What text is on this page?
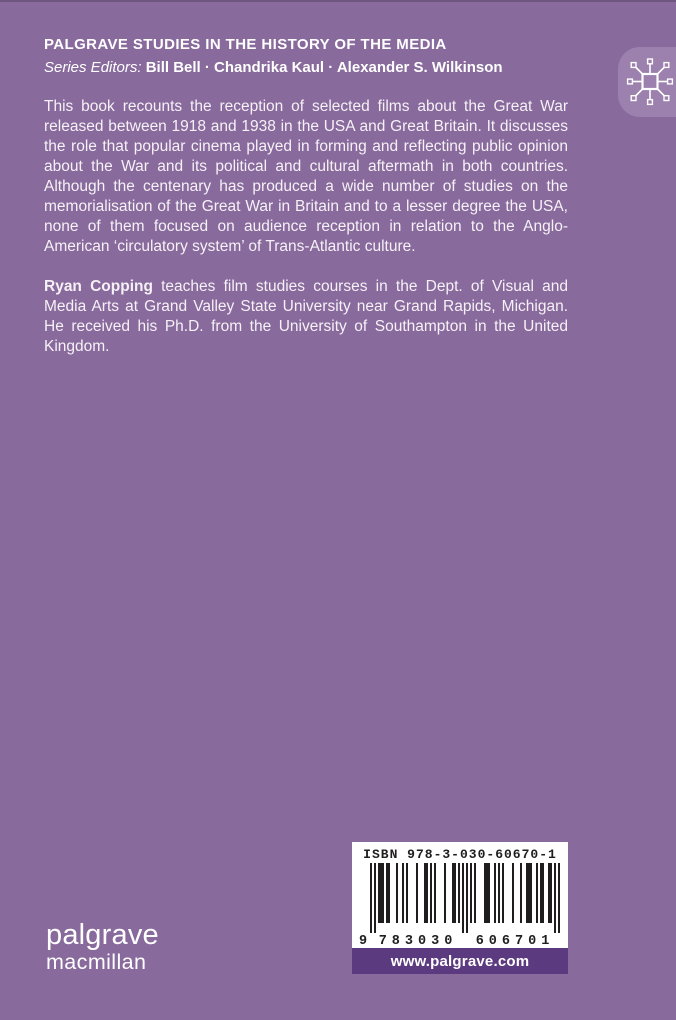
PALGRAVE STUDIES IN THE HISTORY OF THE MEDIA
Series Editors: Bill Bell · Chandrika Kaul · Alexander S. Wilkinson

This book recounts the reception of selected films about the Great War released between 1918 and 1938 in the USA and Great Britain. It discusses the role that popular cinema played in forming and reflecting public opinion about the War and its political and cultural aftermath in both countries. Although the centenary has produced a wide number of studies on the memorialisation of the Great War in Britain and to a lesser degree the USA, none of them focused on audience reception in relation to the Anglo-American ‘circulatory system’ of Trans-Atlantic culture.

Ryan Copping teaches film studies courses in the Dept. of Visual and Media Arts at Grand Valley State University near Grand Rapids, Michigan. He received his Ph.D. from the University of Southampton in the United Kingdom.

ISBN 978-3-030-60670-1
9 783030 606701
www.palgrave.com
palgrave
macmillan
